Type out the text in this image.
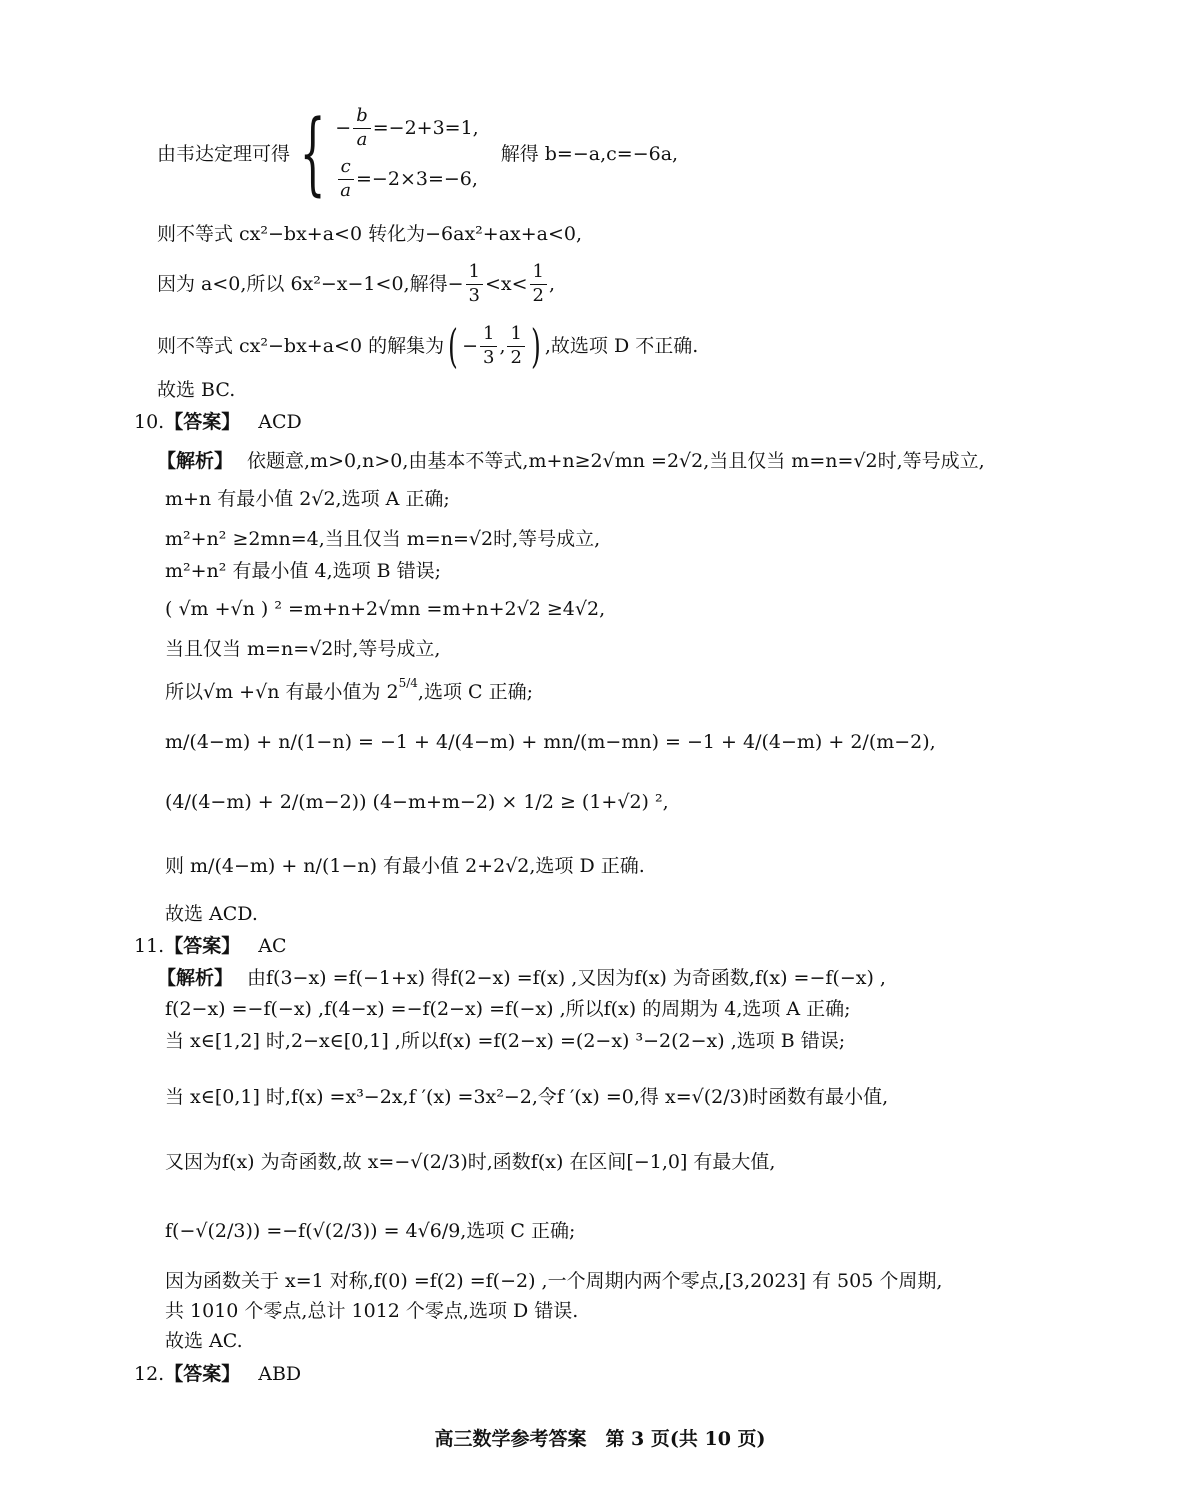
由韦达定理可得 { − $\frac{b}{a} =-2+3=1$,
$\frac{c}{a} =-2\times 3=-6$,
解得 b=−a,c=−6a,
则不等式 cx²−bx+a<0 转化为−6ax²+ax+a<0,
因为 a<0,所以 6x²−x−1<0,解得− $\frac{1}{3} <x< \frac{1}{2}$ ,
则不等式 cx²−bx+a<0 的解集为 ( − $\frac{1}{3}$ , $\frac{1}{2}$ ) ,故选项 D 不正确.
故选 BC.
10. 【答案】 ACD
【解析】 依题意,m>0,n>0,由基本不等式,m+n≥2√mn =2√2,当且仅当 m=n=√2时,等号成立,
m+n 有最小值 2√2,选项 A 正确;
m²+n² ≥2mn=4,当且仅当 m=n=√2时,等号成立,
m²+n² 有最小值 4,选项 B 错误;
( √m +√n ) ² =m+n+2√mn =m+n+2√2 ≥4√2,
当且仅当 m=n=√2时,等号成立,
所以√m +√n 有最小值为 $2^{5/4}$ ,选项 C 正确;
m/(4−m) + n/(1−n) = −1 + 4/(4−m) + mn/(m−mn) = −1 + 4/(4−m) + 2/(m−2),
(4/(4−m) + 2/(m−2)) (4−m+m−2) × 1/2 ≥ (1+√2) ²,
则 m/(4−m) + n/(1−n) 有最小值 2+2√2,选项 D 正确.
故选 ACD.
11. 【答案】 AC
【解析】 由f(3−x) =f(−1+x) 得f(2−x) =f(x) ,又因为f(x) 为奇函数,f(x) =−f(−x) ,
f(2−x) =−f(−x) ,f(4−x) =−f(2−x) =f(−x) ,所以f(x) 的周期为 4,选项 A 正确;
当 x∈[1,2] 时,2−x∈[0,1] ,所以f(x) =f(2−x) =(2−x) ³−2(2−x) ,选项 B 错误;
当 x∈[0,1] 时,f(x) =x³−2x,f ′(x) =3x²−2,令f ′(x) =0,得 x=√(2/3)时函数有最小值,
又因为f(x) 为奇函数,故 x=−√(2/3)时,函数f(x) 在区间[−1,0] 有最大值,
f(−√(2/3)) =−f(√(2/3)) = 4√6/9,选项 C 正确;
因为函数关于 x=1 对称,f(0) =f(2) =f(−2) ,一个周期内两个零点,[3,2023] 有 505 个周期,
共 1010 个零点,总计 1012 个零点,选项 D 错误.
故选 AC.
12. 【答案】 ABD
高三数学参考答案　第 3 页(共 10 页)
